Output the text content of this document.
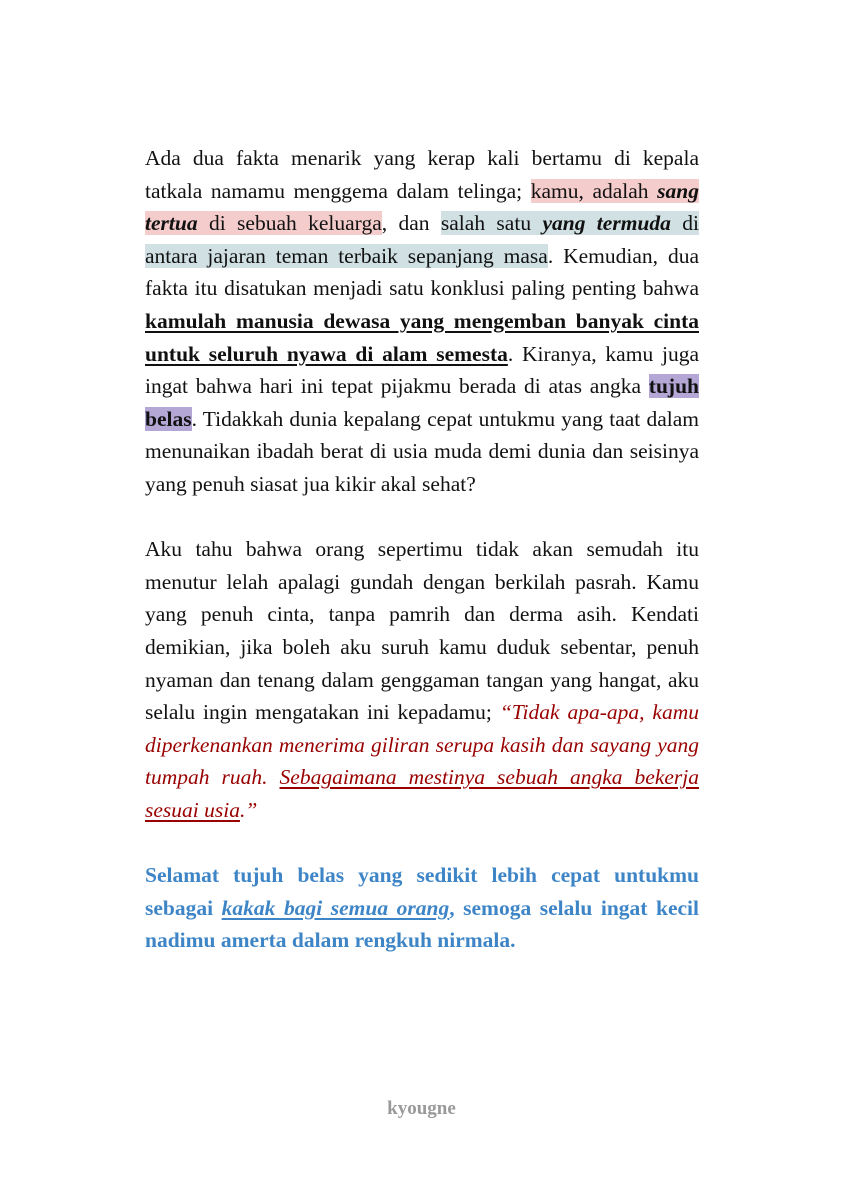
Ada dua fakta menarik yang kerap kali bertamu di kepala tatkala namamu menggema dalam telinga; kamu, adalah sang tertua di sebuah keluarga, dan salah satu yang termuda di antara jajaran teman terbaik sepanjang masa. Kemudian, dua fakta itu disatukan menjadi satu konklusi paling penting bahwa kamulah manusia dewasa yang mengemban banyak cinta untuk seluruh nyawa di alam semesta. Kiranya, kamu juga ingat bahwa hari ini tepat pijakmu berada di atas angka tujuh belas. Tidakkah dunia kepalang cepat untukmu yang taat dalam menunaikan ibadah berat di usia muda demi dunia dan seisinya yang penuh siasat jua kikir akal sehat?

Aku tahu bahwa orang sepertimu tidak akan semudah itu menutur lelah apalagi gundah dengan berkilah pasrah. Kamu yang penuh cinta, tanpa pamrih dan derma asih. Kendati demikian, jika boleh aku suruh kamu duduk sebentar, penuh nyaman dan tenang dalam genggaman tangan yang hangat, aku selalu ingin mengatakan ini kepadamu; “Tidak apa-apa, kamu diperkenankan menerima giliran serupa kasih dan sayang yang tumpah ruah. Sebagaimana mestinya sebuah angka bekerja sesuai usia.”

Selamat tujuh belas yang sedikit lebih cepat untukmu sebagai kakak bagi semua orang, semoga selalu ingat kecil nadimu amerta dalam rengkuh nirmala.

kyougne
